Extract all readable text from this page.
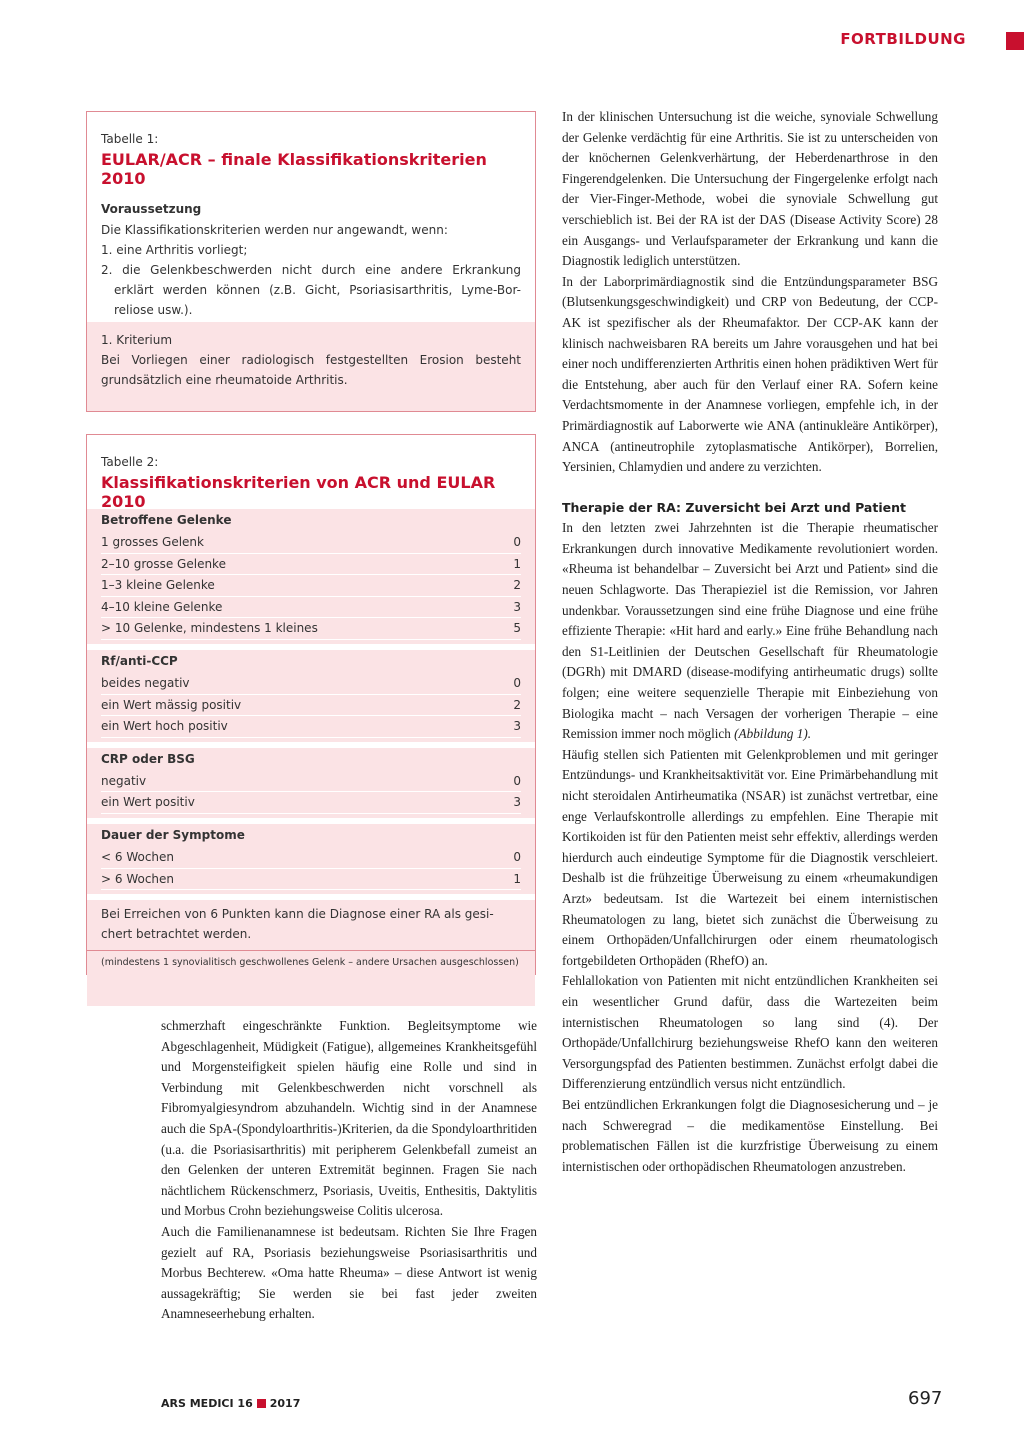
FORTBILDUNG
Tabelle 1:
EULAR/ACR – finale Klassifikationskriterien 2010
Voraussetzung
Die Klassifikationskriterien werden nur angewandt, wenn:
1. eine Arthritis vorliegt;
2. die Gelenkbeschwerden nicht durch eine andere Erkrankung
erklärt werden können (z.B. Gicht, Psoriasisarthritis, Lyme-Bor-
reliose usw.).
1. Kriterium
Bei Vorliegen einer radiologisch festgestellten Erosion besteht
grundsätzlich eine rheumatoide Arthritis.
Tabelle 2:
Klassifikationskriterien von ACR und EULAR 2010
Betroffene Gelenke
1 grosses Gelenk	0
2–10 grosse Gelenke	1
1–3 kleine Gelenke	2
4–10 kleine Gelenke	3
> 10 Gelenke, mindestens 1 kleines	5
Rf/anti-CCP
beides negativ	0
ein Wert mässig positiv	2
ein Wert hoch positiv	3
CRP oder BSG
negativ	0
ein Wert positiv	3
Dauer der Symptome
< 6 Wochen	0
> 6 Wochen	1
Bei Erreichen von 6 Punkten kann die Diagnose einer RA als gesi-
chert betrachtet werden.
(mindestens 1 synovialitisch geschwollenes Gelenk – andere Ursachen ausgeschlossen)

In der klinischen Untersuchung ist die weiche, synoviale Schwellung der Gelenke verdächtig für eine Arthritis. Sie ist zu unterscheiden von der knöchernen Gelenkverhärtung, der Heberdenarthrose in den Fingerendgelenken. Die Untersuchung der Fingergelenke erfolgt nach der Vier-Finger-Methode, wobei die synoviale Schwellung gut verschieblich ist. Bei der RA ist der DAS (Disease Activity Score) 28 ein Ausgangs- und Verlaufsparameter der Erkrankung und kann die Diagnostik lediglich unterstützen.

In der Laborprimärdiagnostik sind die Entzündungsparameter BSG (Blutsenkungsgeschwindigkeit) und CRP von Bedeutung, der CCP-AK ist spezifischer als der Rheumafaktor. Der CCP-AK kann der klinisch nachweisbaren RA bereits um Jahre vorausgehen und hat bei einer noch undifferenzierten Arthritis einen hohen prädiktiven Wert für die Entstehung, aber auch für den Verlauf einer RA. Sofern keine Verdachtsmomente in der Anamnese vorliegen, empfehle ich, in der Primärdiagnostik auf Laborwerte wie ANA (antinukleäre Antikörper), ANCA (antineutrophile zytoplasmatische Antikörper), Borrelien, Yersinien, Chlamydien und andere zu verzichten.

Therapie der RA: Zuversicht bei Arzt und Patient

In den letzten zwei Jahrzehnten ist die Therapie rheumatischer Erkrankungen durch innovative Medikamente revolutioniert worden. «Rheuma ist behandelbar – Zuversicht bei Arzt und Patient» sind die neuen Schlagworte. Das Therapieziel ist die Remission, vor Jahren undenkbar. Voraussetzungen sind eine frühe Diagnose und eine frühe effiziente Therapie: «Hit hard and early.» Eine frühe Behandlung nach den S1-Leitlinien der Deutschen Gesellschaft für Rheumatologie (DGRh) mit DMARD (disease-modifying antirheumatic drugs) sollte folgen; eine weitere sequenzielle Therapie mit Einbeziehung von Biologika macht – nach Versagen der vorherigen Therapie – eine Remission immer noch möglich (Abbildung 1).

Häufig stellen sich Patienten mit Gelenkproblemen und mit geringer Entzündungs- und Krankheitsaktivität vor. Eine Primärbehandlung mit nicht steroidalen Antirheumatika (NSAR) ist zunächst vertretbar, eine enge Verlaufskontrolle allerdings zu empfehlen. Eine Therapie mit Kortikoiden ist für den Patienten meist sehr effektiv, allerdings werden hierdurch auch eindeutige Symptome für die Diagnostik verschleiert. Deshalb ist die frühzeitige Überweisung zu einem «rheumakundigen Arzt» bedeutsam. Ist die Wartezeit bei einem internistischen Rheumatologen zu lang, bietet sich zunächst die Überweisung zu einem Orthopäden/Unfallchirurgen oder einem rheumatologisch fortgebildeten Orthopäden (RhefO) an.

Fehlallokation von Patienten mit nicht entzündlichen Krankheiten sei ein wesentlicher Grund dafür, dass die Wartezeiten beim internistischen Rheumatologen so lang sind (4). Der Orthopäde/Unfallchirurg beziehungsweise RhefO kann den weiteren Versorgungspfad des Patienten bestimmen. Zunächst erfolgt dabei die Differenzierung entzündlich versus nicht entzündlich.

Bei entzündlichen Erkrankungen folgt die Diagnosesicherung und – je nach Schweregrad – die medikamentöse Einstellung. Bei problematischen Fällen ist die kurzfristige Überweisung zu einem internistischen oder orthopädischen Rheumatologen anzustreben.

schmerzhaft eingeschränkte Funktion. Begleitsymptome wie Abgeschlagenheit, Müdigkeit (Fatigue), allgemeines Krankheitsgefühl und Morgensteifigkeit spielen häufig eine Rolle und sind in Verbindung mit Gelenkbeschwerden nicht vorschnell als Fibromyalgiesyndrom abzuhandeln. Wichtig sind in der Anamnese auch die SpA-(Spondyloarthritis-)Kriterien, da die Spondyloarthritiden (u.a. die Psoriasisarthritis) mit peripherem Gelenkbefall zumeist an den Gelenken der unteren Extremität beginnen. Fragen Sie nach nächtlichem Rückenschmerz, Psoriasis, Uveitis, Enthesitis, Daktylitis und Morbus Crohn beziehungsweise Colitis ulcerosa.

Auch die Familienanamnese ist bedeutsam. Richten Sie Ihre Fragen gezielt auf RA, Psoriasis beziehungsweise Psoriasisarthritis und Morbus Bechterew. «Oma hatte Rheuma» – diese Antwort ist wenig aussagekräftig; Sie werden sie bei fast jeder zweiten Anamneseerhebung erhalten.

ARS MEDICI 16 2017	697
